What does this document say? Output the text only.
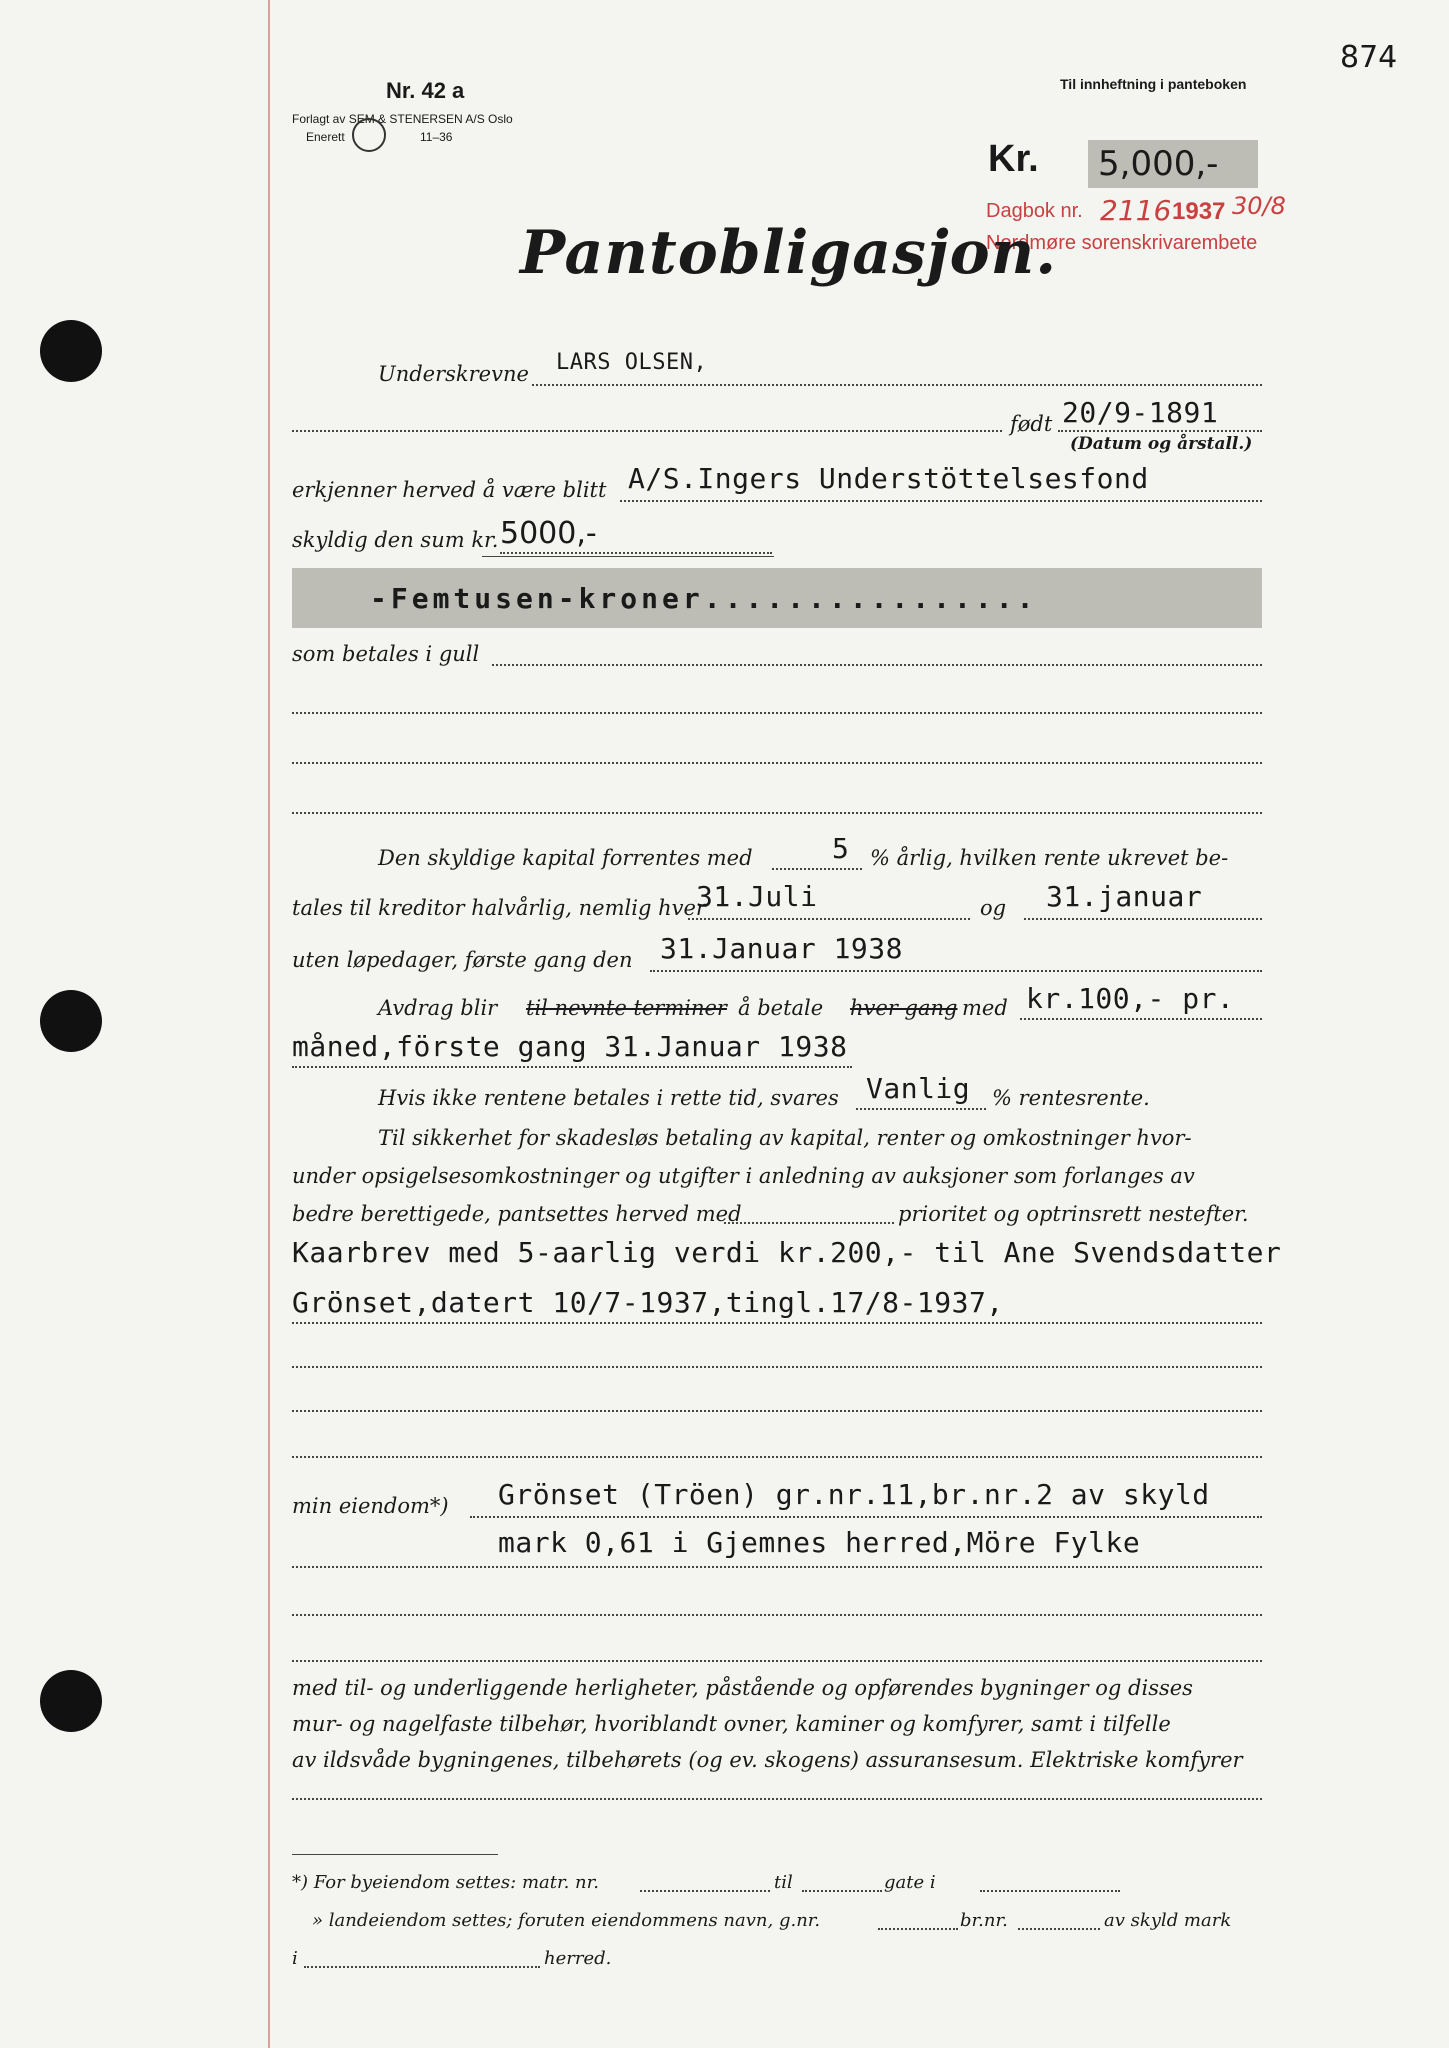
874
Nr. 42 a
Forlagt av SEM & STENERSEN A/S Oslo
Enerett	11–36
Til innheftning i panteboken
Kr. 5,000,-
Dagbok nr. 2116 1937 30/8
Nordmøre sorenskrivarembete
Pantobligasjon.
Underskrevne LARS OLSEN,
født 20/9-1891
(Datum og årstall.)
erkjenner herved å være blitt A/S.Ingers Understöttelsesfond
skyldig den sum kr. 5000,-
-Femtusen-kroner................
som betales i gull
Den skyldige kapital forrentes med	5 % årlig, hvilken rente ukrevet be-
tales til kreditor halvårlig, nemlig hver
31.Juli	og 31.januar
uten løpedager, første gang den 31.Januar 1938
Avdrag blir til nevnte terminer å betale hver gang med kr.100,- pr.
måned,förste gang 31.Januar 1938
Hvis ikke rentene betales i rette tid, svares Vanlig % rentesrente.
Til sikkerhet for skadesløs betaling av kapital, renter og omkostninger hvor-
under opsigelsesomkostninger og utgifter i anledning av auksjoner som forlanges av
bedre berettigede, pantsettes herved med	prioritet og optrinsrett nestefter.
Kaarbrev med 5-aarlig verdi kr.200,- til Ane Svendsdatter
Grönset,datert 10/7-1937,tingl.17/8-1937,
min eiendom*) Grönset (Tröen) gr.nr.11,br.nr.2 av skyld
mark 0,61 i Gjemnes herred,Möre Fylke
med til- og underliggende herligheter, påstående og opførendes bygninger og disses
mur- og nagelfaste tilbehør, hvoriblandt ovner, kaminer og komfyrer, samt i tilfelle
av ildsvåde bygningenes, tilbehørets (og ev. skogens) assuransesum. Elektriske komfyrer
*) For byeiendom settes: matr. nr.	til	gate i
» landeiendom settes; foruten eiendommens navn, g.nr.	br.nr.	av skyld mark
i	herred.
